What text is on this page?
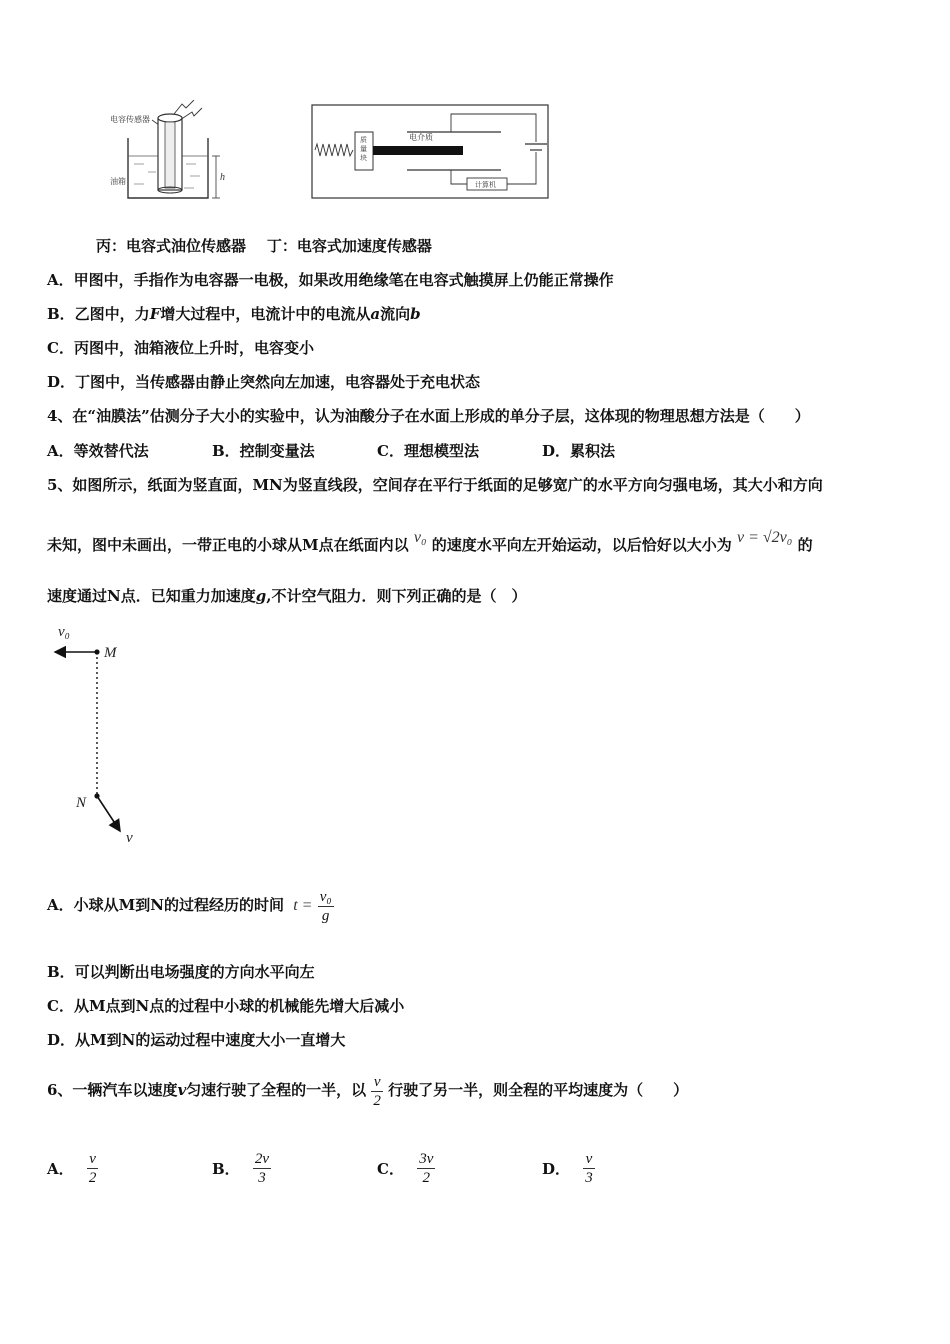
电容传感器
h
油箱
质量块
电介质
计算机
丙：电容式油位传感器    丁：电容式加速度传感器
A．甲图中，手指作为电容器一电极，如果改用绝缘笔在电容式触摸屏上仍能正常操作
B．乙图中，力F增大过程中，电流计中的电流从a流向b
C．丙图中，油箱液位上升时，电容变小
D．丁图中，当传感器由静止突然向左加速，电容器处于充电状态
4、在“油膜法”估测分子大小的实验中，认为油酸分子在水面上形成的单分子层，这体现的物理思想方法是（　　）
A．等效替代法	B．控制变量法	C．理想模型法	D．累积法
5、如图所示，纸面为竖直面，MN为竖直线段，空间存在平行于纸面的足够宽广的水平方向匀强电场，其大小和方向
未知，图中未画出，一带正电的小球从M点在纸面内以 v₀ 的速度水平向左开始运动，以后恰好以大小为 v = √2v₀ 的
速度通过N点．已知重力加速度g,不计空气阻力．则下列正确的是（　）
v₀
M
N
v
A．小球从M到N的过程经历的时间 $t = \frac{\text{v₀}}{g}$
B．可以判断出电场强度的方向水平向左
C．从M点到N点的过程中小球的机械能先增大后减小
D．从M到N的运动过程中速度大小一直增大
6、一辆汽车以速度v匀速行驶了全程的一半，以 $\frac{v}{2}$ 行驶了另一半，则全程的平均速度为（　　）
A． $\frac{v}{2}$	B． $\frac{2v}{3}$	C． $\frac{3v}{2}$	D． $\frac{v}{3}$
